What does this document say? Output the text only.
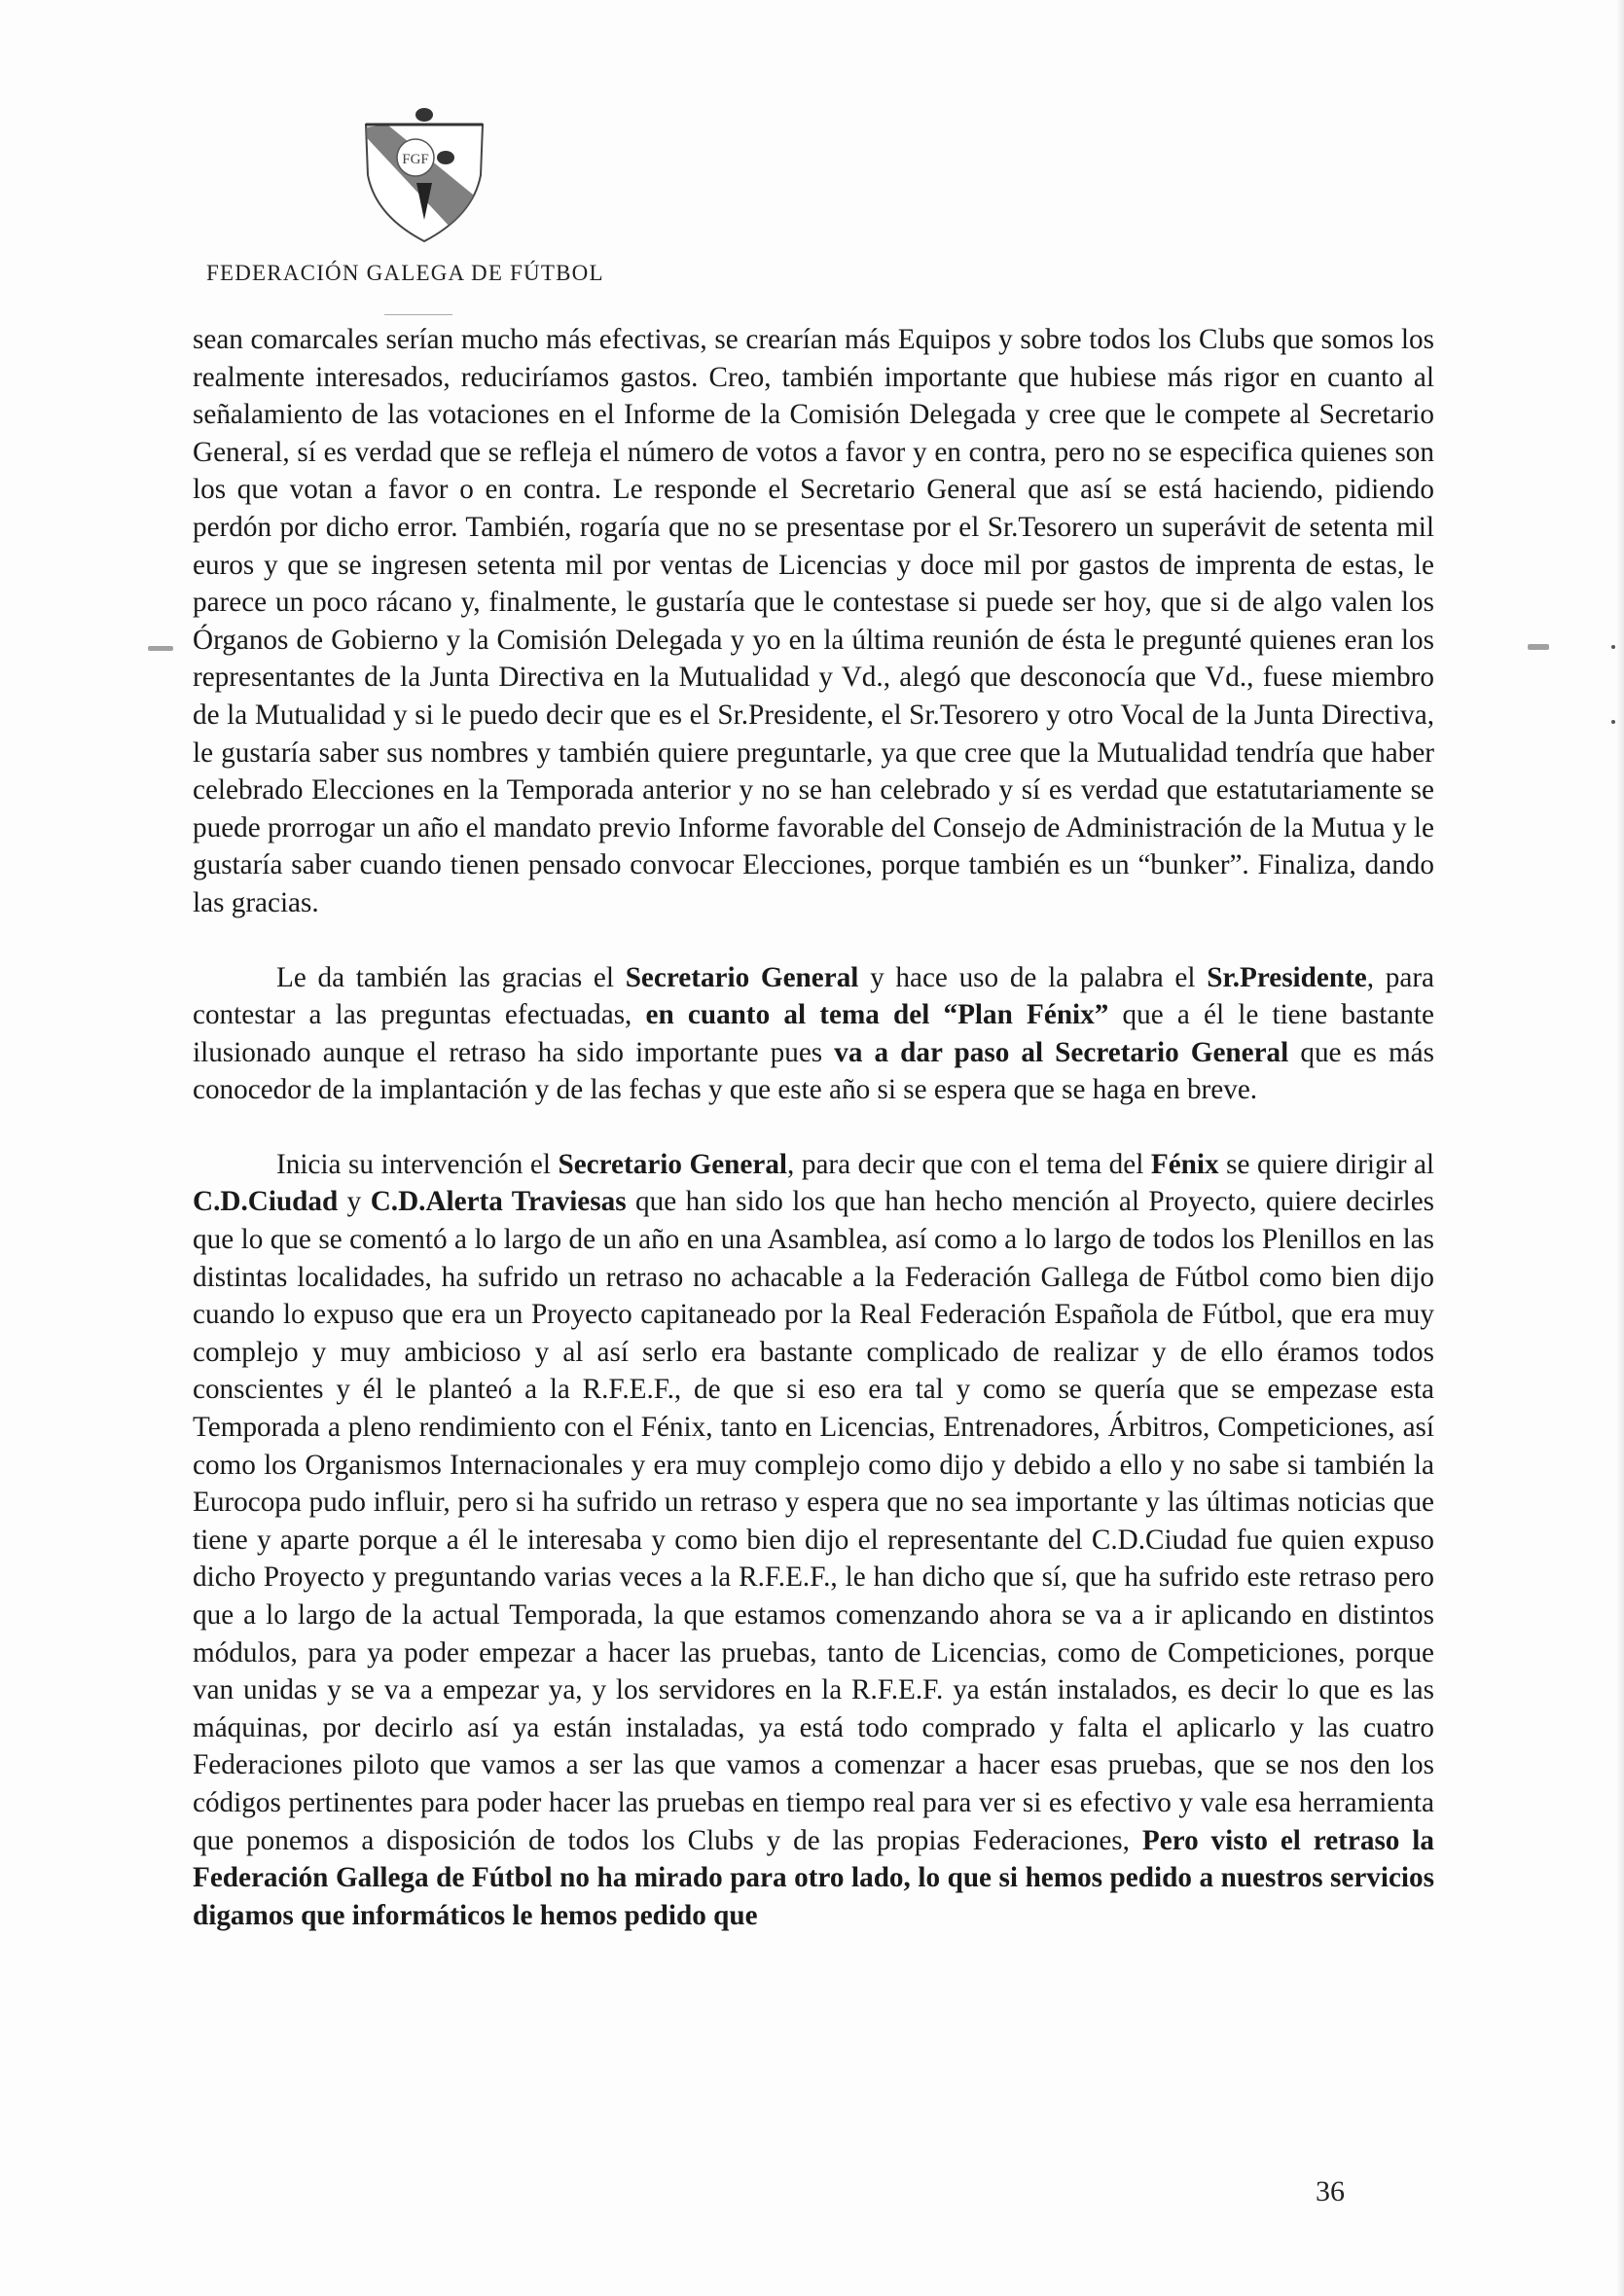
FGF
FEDERACIÓN GALEGA DE FÚTBOL

sean comarcales serían mucho más efectivas, se crearían más Equipos y sobre todos los Clubs que somos los realmente interesados, reduciríamos gastos. Creo, también importante que hubiese más rigor en cuanto al señalamiento de las votaciones en el Informe de la Comisión Delegada y cree que le compete al Secretario General, sí es verdad que se refleja el número de votos a favor y en contra, pero no se especifica quienes son los que votan a favor o en contra. Le responde el Secretario General que así se está haciendo, pidiendo perdón por dicho error. También, rogaría que no se presentase por el Sr.Tesorero un superávit de setenta mil euros y que se ingresen setenta mil por ventas de Licencias y doce mil por gastos de imprenta de estas, le parece un poco rácano y, finalmente, le gustaría que le contestase si puede ser hoy, que si de algo valen los Órganos de Gobierno y la Comisión Delegada y yo en la última reunión de ésta le pregunté quienes eran los representantes de la Junta Directiva en la Mutualidad y Vd., alegó que desconocía que Vd., fuese miembro de la Mutualidad y si le puedo decir que es el Sr.Presidente, el Sr.Tesorero y otro Vocal de la Junta Directiva, le gustaría saber sus nombres y también quiere preguntarle, ya que cree que la Mutualidad tendría que haber celebrado Elecciones en la Temporada anterior y no se han celebrado y sí es verdad que estatutariamente se puede prorrogar un año el mandato previo Informe favorable del Consejo de Administración de la Mutua y le gustaría saber cuando tienen pensado convocar Elecciones, porque también es un “bunker”. Finaliza, dando las gracias.

Le da también las gracias el Secretario General y hace uso de la palabra el Sr.Presidente, para contestar a las preguntas efectuadas, en cuanto al tema del “Plan Fénix” que a él le tiene bastante ilusionado aunque el retraso ha sido importante pues va a dar paso al Secretario General que es más conocedor de la implantación y de las fechas y que este año si se espera que se haga en breve.

Inicia su intervención el Secretario General, para decir que con el tema del Fénix se quiere dirigir al C.D.Ciudad y C.D.Alerta Traviesas que han sido los que han hecho mención al Proyecto, quiere decirles que lo que se comentó a lo largo de un año en una Asamblea, así como a lo largo de todos los Plenillos en las distintas localidades, ha sufrido un retraso no achacable a la Federación Gallega de Fútbol como bien dijo cuando lo expuso que era un Proyecto capitaneado por la Real Federación Española de Fútbol, que era muy complejo y muy ambicioso y al así serlo era bastante complicado de realizar y de ello éramos todos conscientes y él le planteó a la R.F.E.F., de que si eso era tal y como se quería que se empezase esta Temporada a pleno rendimiento con el Fénix, tanto en Licencias, Entrenadores, Árbitros, Competiciones, así como los Organismos Internacionales y era muy complejo como dijo y debido a ello y no sabe si también la Eurocopa pudo influir, pero si ha sufrido un retraso y espera que no sea importante y las últimas noticias que tiene y aparte porque a él le interesaba y como bien dijo el representante del C.D.Ciudad fue quien expuso dicho Proyecto y preguntando varias veces a la R.F.E.F., le han dicho que sí, que ha sufrido este retraso pero que a lo largo de la actual Temporada, la que estamos comenzando ahora se va a ir aplicando en distintos módulos, para ya poder empezar a hacer las pruebas, tanto de Licencias, como de Competiciones, porque van unidas y se va a empezar ya, y los servidores en la R.F.E.F. ya están instalados, es decir lo que es las máquinas, por decirlo así ya están instaladas, ya está todo comprado y falta el aplicarlo y las cuatro Federaciones piloto que vamos a ser las que vamos a comenzar a hacer esas pruebas, que se nos den los códigos pertinentes para poder hacer las pruebas en tiempo real para ver si es efectivo y vale esa herramienta que ponemos a disposición de todos los Clubs y de las propias Federaciones, Pero visto el retraso la Federación Gallega de Fútbol no ha mirado para otro lado, lo que si hemos pedido a nuestros servicios digamos que informáticos le hemos pedido que

36
